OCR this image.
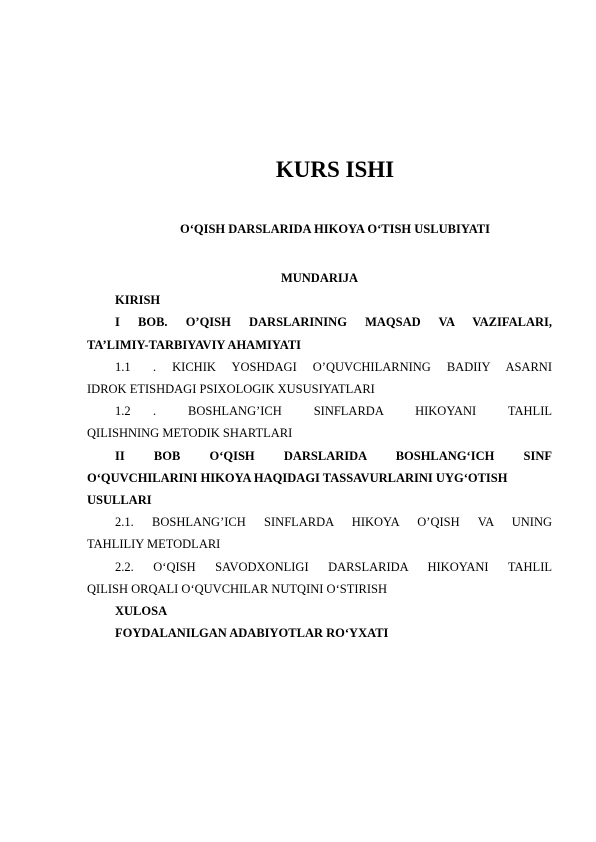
KURS ISHI
O‘QISH DARSLARIDA HIKOYA O‘TISH USLUBIYATI
MUNDARIJA
KIRISH
I BOB. O’QISH DARSLARINING MAQSAD VA VAZIFALARI,
TA’LIMIY-TARBIYAVIY AHAMIYATI
1.1 . KICHIK YOSHDAGI O’QUVCHILARNING BADIIY ASARNI
IDROK ETISHDAGI PSIXOLOGIK XUSUSIYATLARI
1.2 . BOSHLANG’ICH SINFLARDA HIKOYANI TAHLIL
QILISHNING METODIK SHARTLARI
II BOB O‘QISH DARSLARIDA BOSHLANG‘ICH SINF
O‘QUVCHILARINI HIKOYA HAQIDAGI TASSAVURLARINI UYG‘OTISH
USULLARI
2.1. BOSHLANG’ICH SINFLARDA HIKOYA O’QISH VA UNING
TAHLILIY METODLARI
2.2. O‘QISH SAVODXONLIGI DARSLARIDA HIKOYANI TAHLIL
QILISH ORQALI O‘QUVCHILAR NUTQINI O‘STIRISH
XULOSA
FOYDALANILGAN ADABIYOTLAR RO‘YXATI
